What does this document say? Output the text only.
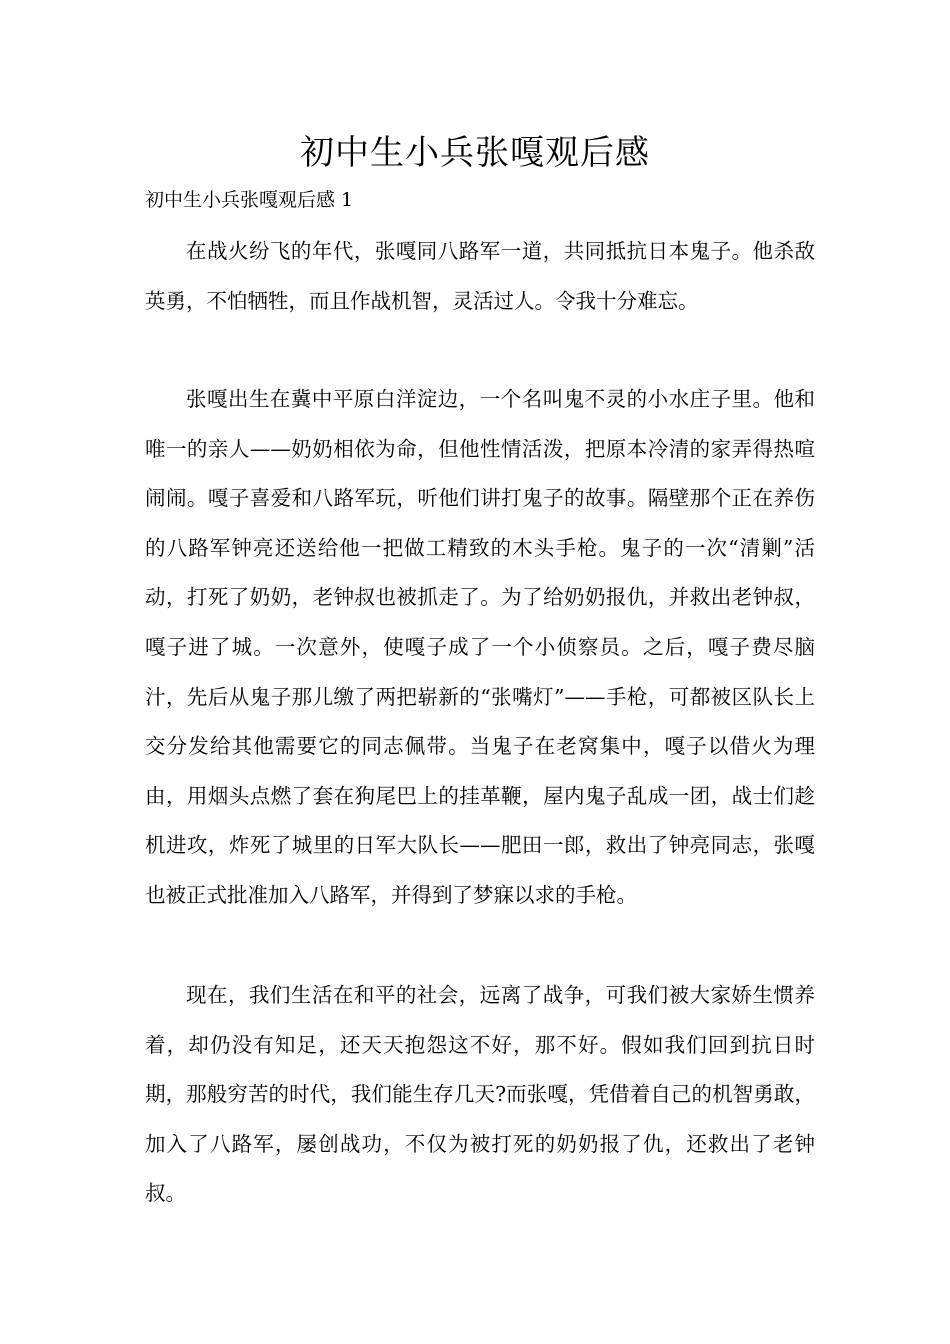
初中生小兵张嘎观后感

初中生小兵张嘎观后感 1

在战火纷飞的年代，张嘎同八路军一道，共同抵抗日本鬼子。他杀敌英勇，不怕牺牲，而且作战机智，灵活过人。令我十分难忘。

张嘎出生在冀中平原白洋淀边，一个名叫鬼不灵的小水庄子里。他和唯一的亲人——奶奶相依为命，但他性情活泼，把原本冷清的家弄得热喧闹闹。嘎子喜爱和八路军玩，听他们讲打鬼子的故事。隔壁那个正在养伤的八路军钟亮还送给他一把做工精致的木头手枪。鬼子的一次“清剿”活动，打死了奶奶，老钟叔也被抓走了。为了给奶奶报仇，并救出老钟叔，嘎子进了城。一次意外，使嘎子成了一个小侦察员。之后，嘎子费尽脑汁，先后从鬼子那儿缴了两把崭新的“张嘴灯”——手枪，可都被区队长上交分发给其他需要它的同志佩带。当鬼子在老窝集中，嘎子以借火为理由，用烟头点燃了套在狗尾巴上的挂革鞭，屋内鬼子乱成一团，战士们趁机进攻，炸死了城里的日军大队长——肥田一郎，救出了钟亮同志，张嘎也被正式批准加入八路军，并得到了梦寐以求的手枪。

现在，我们生活在和平的社会，远离了战争，可我们被大家娇生惯养着，却仍没有知足，还天天抱怨这不好，那不好。假如我们回到抗日时期，那般穷苦的时代，我们能生存几天?而张嘎，凭借着自己的机智勇敢，加入了八路军，屡创战功，不仅为被打死的奶奶报了仇，还救出了老钟叔。
